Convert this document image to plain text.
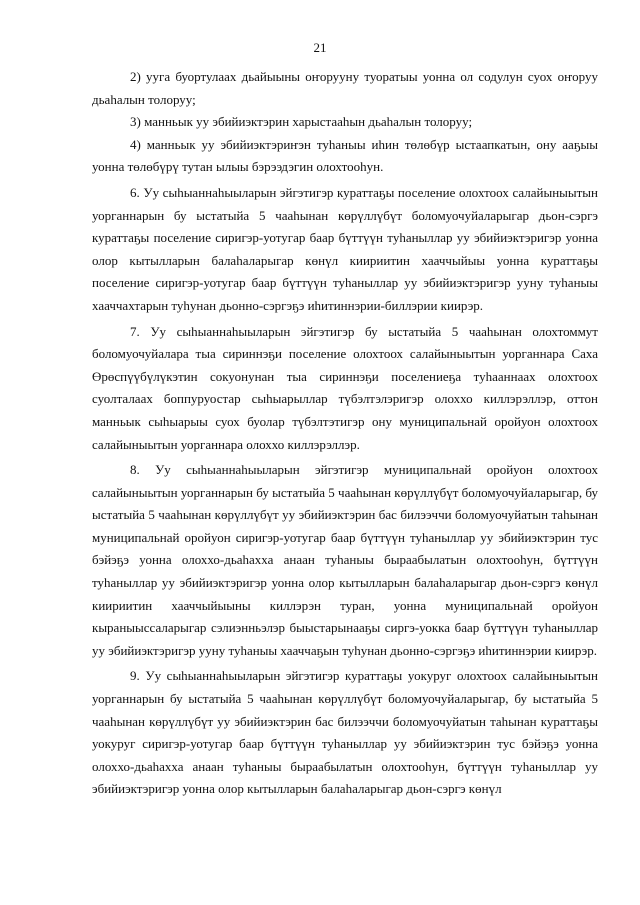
21

2) ууга буортулаах дьайыыны оҥорууну туоратыы уонна ол содулун суох оҥоруу дьаһалын толоруу;

3) манньык уу эбийиэктэрин харыстааһын дьаһалын толоруу;

4) манньык уу эбийиэктэриҥэн туһаныы иһин төлөбүр ыстаапкатын, ону ааҕыы уонна төлөбүрү тутан ылыы бэрээдэгин олохтооһун.

6. Уу сыһыаннаһыыларын эйгэтигэр кураттаҕы поселение олохтоох салайыныытын уорганнарын бу ыстатыйа 5 чааһынан көрүллүбүт боломуочуйаларыгар дьон-сэргэ кураттаҕы поселение сиригэр-уотугар баар бүттүүн туһаныллар уу эбийиэктэригэр уонна олор кытылларын балаһаларыгар көнүл киириитин хааччыйыы уонна кураттаҕы поселение сиригэр-уотугар баар бүттүүн туһаныллар уу эбийиэктэригэр ууну туһаныы хааччахтарын туһунан дьонно-сэргэҕэ иһитиннэрии-биллэрии киирэр.

7. Уу сыһыаннаһыыларын эйгэтигэр бу ыстатыйа 5 чааһынан олохтоммут боломуочуйалара тыа сириннэҕи поселение олохтоох салайыныытын уорганнара Саха Өрөспүүбүлүкэтин сокуонунан тыа сириннэҕи поселениеҕа туһааннаах олохтоох суолталаах боппуруостар сыһыарыллар түбэлтэлэригэр олоххо киллэрэллэр, оттон манньык сыһыарыы суох буолар түбэлтэтигэр ону муниципальнай оройуон олохтоох салайыныытын уорганнара олоххо киллэрэллэр.

8. Уу сыһыаннаһыыларын эйгэтигэр муниципальнай оройуон олохтоох салайыныытын уорганнарын бу ыстатыйа 5 чааһынан көрүллүбүт боломуочуйаларыгар, бу ыстатыйа 5 чааһынан көрүллүбүт уу эбийиэктэрин бас билээччи боломуочуйатын таһынан муниципальнай оройуон сиригэр-уотугар баар бүттүүн туһаныллар уу эбийиэктэрин тус бэйэҕэ уонна олоххо-дьаһахха анаан туһаныы быраабылатын олохтооһун, бүттүүн туһаныллар уу эбийиэктэригэр уонна олор кытылларын балаһаларыгар дьон-сэргэ көнүл киириитин хааччыйыыны киллэрэн туран, уонна муниципальнай оройуон кыраныыссаларыгар сэлиэнньэлэр быыстарынааҕы сиргэ-уокка баар бүттүүн туһаныллар уу эбийиэктэригэр ууну туһаныы хааччаҕын туһунан дьонно-сэргэҕэ иһитиннэрии киирэр.

9. Уу сыһыаннаһыыларын эйгэтигэр кураттаҕы уокуруг олохтоох салайыныытын уорганнарын бу ыстатыйа 5 чааһынан көрүллүбүт боломуочуйаларыгар, бу ыстатыйа 5 чааһынан көрүллүбүт уу эбийиэктэрин бас билээччи боломуочуйатын таһынан кураттаҕы уокуруг сиригэр-уотугар баар бүттүүн туһаныллар уу эбийиэктэрин тус бэйэҕэ уонна олоххо-дьаһахха анаан туһаныы быраабылатын олохтооһун, бүттүүн туһаныллар уу эбийиэктэригэр уонна олор кытылларын балаһаларыгар дьон-сэргэ көнүл
